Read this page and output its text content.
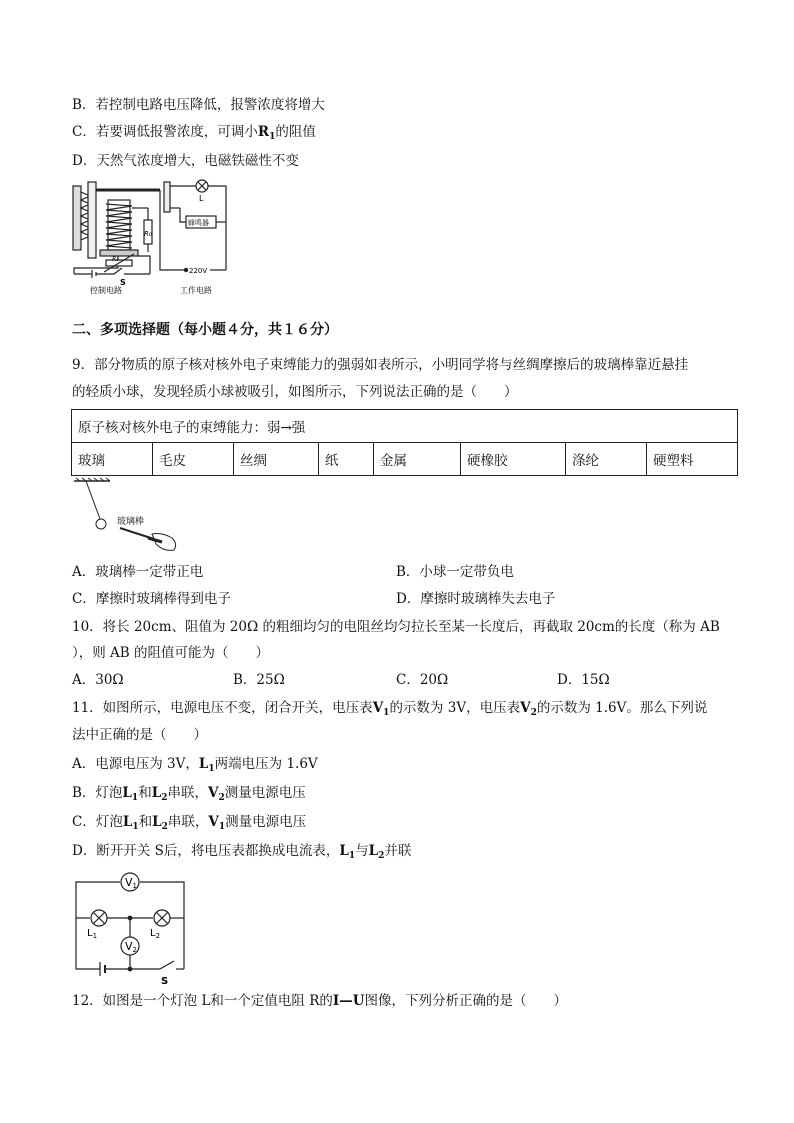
B．若控制电路电压降低，报警浓度将增大
C．若要调低报警浓度，可调小$R_1$的阻值
D．天然气浓度增大，电磁铁磁性不变
R₀
R₁
L
蜂鸣器
S
220V
控制电路	工作电路
二、多项选择题（每小题４分，共１６分）
9．部分物质的原子核对核外电子束缚能力的强弱如表所示，小明同学将与丝绸摩擦后的玻璃棒靠近悬挂
的轻质小球，发现轻质小球被吸引，如图所示，下列说法正确的是（　　）
原子核对核外电子的束缚能力：弱→强
玻璃	毛皮	丝绸	纸	金属	硬橡胶	涤纶	硬塑料
玻璃棒
A．玻璃棒一定带正电	B．小球一定带负电
C．摩擦时玻璃棒得到电子	D．摩擦时玻璃棒失去电子
10．将长 20cm、阻值为 20Ω 的粗细均匀的电阻丝均匀拉长至某一长度后，再截取 20cm的长度（称为 AB
），则 AB 的阻值可能为（　　）
A．30Ω	B．25Ω	C．20Ω	D．15Ω
11．如图所示，电源电压不变，闭合开关，电压表$V_1$的示数为 3V，电压表$V_2$的示数为 1.6V。那么下列说
法中正确的是（　　）
A．电源电压为 3V，$L_1$两端电压为 1.6V
B．灯泡$L_1$和$L_2$串联，$V_2$测量电源电压
C．灯泡$L_1$和$L_2$串联，$V_1$测量电源电压
D．断开开关 S后，将电压表都换成电流表，$L_1$与$L_2$并联
V1
V2
$L_1$	$L_2$
S
12．如图是一个灯泡 L和一个定值电阻 R的I—U图像，下列分析正确的是（　　）
